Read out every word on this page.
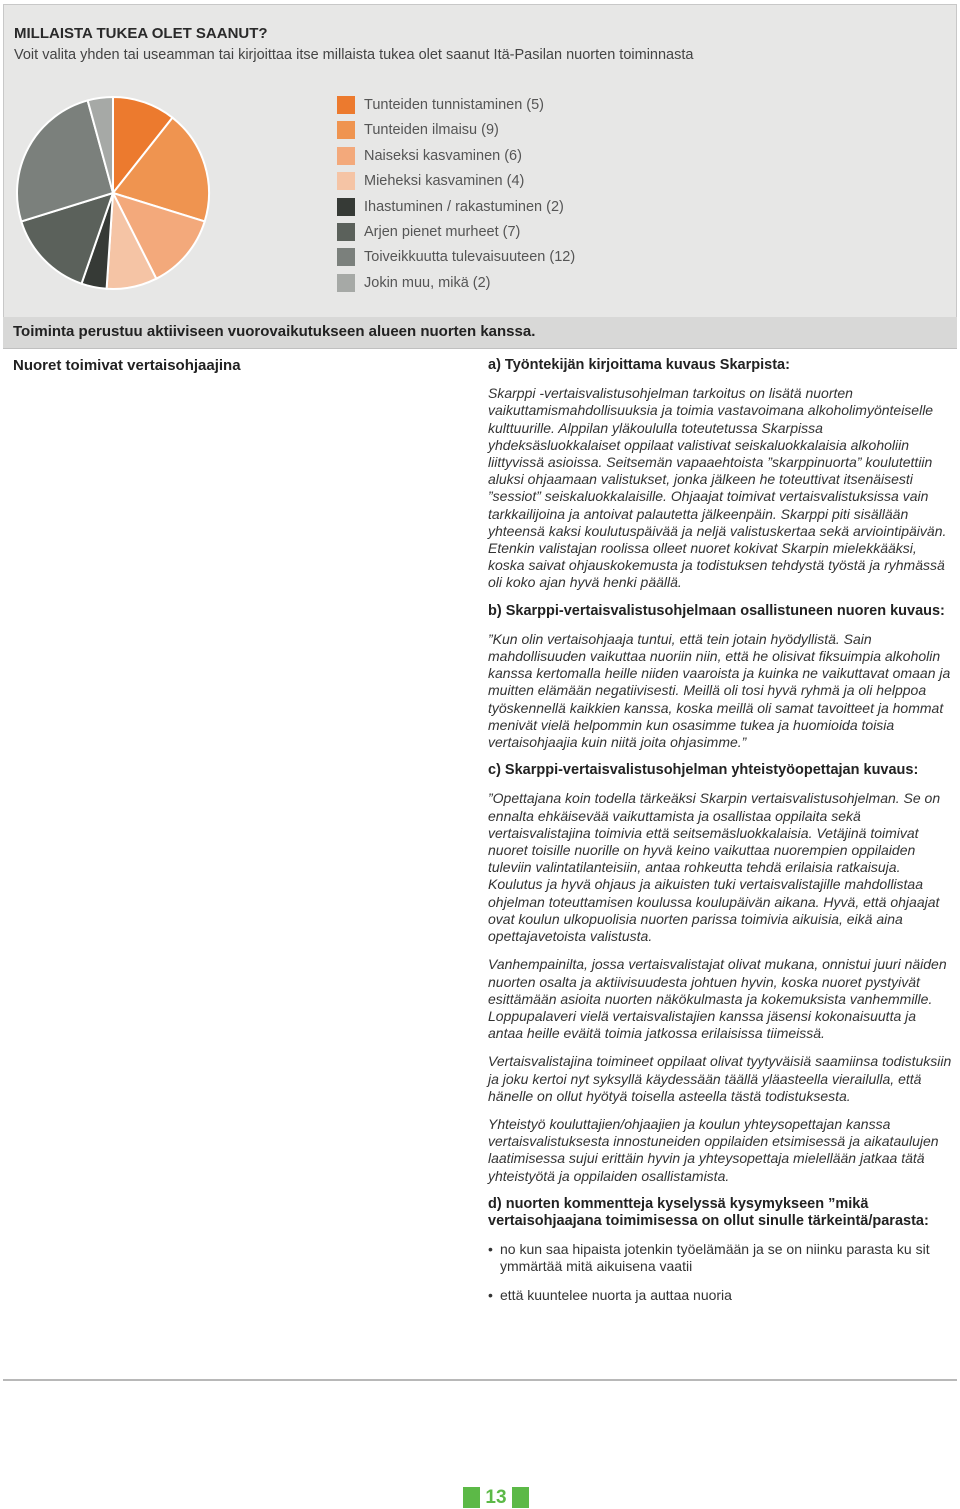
MILLAISTA TUKEA OLET SAANUT?

Voit valita yhden tai useamman tai kirjoittaa itse millaista tukea olet saanut Itä-Pasilan nuorten toiminnasta

Tunteiden tunnistaminen (5)
Tunteiden ilmaisu (9)
Naiseksi kasvaminen (6)
Mieheksi kasvaminen (4)
Ihastuminen / rakastuminen (2)
Arjen pienet murheet (7)
Toiveikkuutta tulevaisuuteen (12)
Jokin muu, mikä (2)
Toiminta perustuu aktiiviseen vuorovaikutukseen alueen nuorten kanssa.
Nuoret toimivat vertaisohjaajina	a) Työntekijän kirjoittama kuvaus Skarpista:

Skarppi -vertaisvalistusohjelman tarkoitus on lisätä nuorten vaikuttamismahdollisuuksia ja toimia vastavoimana alkoholimyönteiselle kulttuurille. Alppilan yläkoululla toteutetussa Skarpissa yhdeksäsluokkalaiset oppilaat valistivat seiskaluokkalaisia alkoholiin liittyvissä asioissa. Seitsemän vapaaehtoista ”skarppinuorta” koulutettiin aluksi ohjaamaan valistukset, jonka jälkeen he toteuttivat itsenäisesti ”sessiot” seiskaluokkalaisille. Ohjaajat toimivat vertaisvalistuksissa vain tarkkailijoina ja antoivat palautetta jälkeenpäin. Skarppi piti sisällään yhteensä kaksi koulutuspäivää ja neljä valistuskertaa sekä arviointipäivän. Etenkin valistajan roolissa olleet nuoret kokivat Skarpin mielekkääksi, koska saivat ohjauskokemusta ja todistuksen tehdystä työstä ja ryhmässä oli koko ajan hyvä henki päällä.

b) Skarppi-vertaisvalistusohjelmaan osallistuneen nuoren kuvaus:

”Kun olin vertaisohjaaja tuntui, että tein jotain hyödyllistä. Sain mahdollisuuden vaikuttaa nuoriin niin, että he olisivat fiksuimpia alkoholin kanssa kertomalla heille niiden vaaroista ja kuinka ne vaikuttavat omaan ja muitten elämään negatiivisesti. Meillä oli tosi hyvä ryhmä ja oli helppoa työskennellä kaikkien kanssa, koska meillä oli samat tavoitteet ja hommat menivät vielä helpommin kun osasimme tukea ja huomioida toisia vertaisohjaajia kuin niitä joita ohjasimme.”

c) Skarppi-vertaisvalistusohjelman yhteistyöopettajan kuvaus:

”Opettajana koin todella tärkeäksi Skarpin vertaisvalistusohjelman. Se on ennalta ehkäisevää vaikuttamista ja osallistaa oppilaita sekä vertaisvalistajina toimivia että seitsemäsluokkalaisia. Vetäjinä toimivat nuoret toisille nuorille on hyvä keino vaikuttaa nuorempien oppilaiden tuleviin valintatilanteisiin, antaa rohkeutta tehdä erilaisia ratkaisuja. Koulutus ja hyvä ohjaus ja aikuisten tuki vertaisvalistajille mahdollistaa ohjelman toteuttamisen koulussa koulupäivän aikana. Hyvä, että ohjaajat ovat koulun ulkopuolisia nuorten parissa toimivia aikuisia, eikä aina opettajavetoista valistusta.

Vanhempainilta, jossa vertaisvalistajat olivat mukana, onnistui juuri näiden nuorten osalta ja aktiivisuudesta johtuen hyvin, koska nuoret pystyivät esittämään asioita nuorten näkökulmasta ja kokemuksista vanhemmille. Loppupalaveri vielä vertaisvalistajien kanssa jäsensi kokonaisuutta ja antaa heille eväitä toimia jatkossa erilaisissa tiimeissä.

Vertaisvalistajina toimineet oppilaat olivat tyytyväisiä saamiinsa todistuksiin ja joku kertoi nyt syksyllä käydessään täällä yläasteella vierailulla, että hänelle on ollut hyötyä toisella asteella tästä todistuksesta.

Yhteistyö kouluttajien/ohjaajien ja koulun yhteysopettajan kanssa vertaisvalistuksesta innostuneiden oppilaiden etsimisessä ja aikataulujen laatimisessa sujui erittäin hyvin ja yhteysopettaja mielellään jatkaa tätä yhteistyötä ja oppilaiden osallistamista.

d) nuorten kommentteja kyselyssä kysymykseen ”mikä vertaisohjaajana toimimisessa on ollut sinulle tärkeintä/parasta:
• no kun saa hipaista jotenkin työelämään ja se on niinku parasta ku sit ymmärtää mitä aikuisena vaatii
• että kuuntelee nuorta ja auttaa nuoria
13
